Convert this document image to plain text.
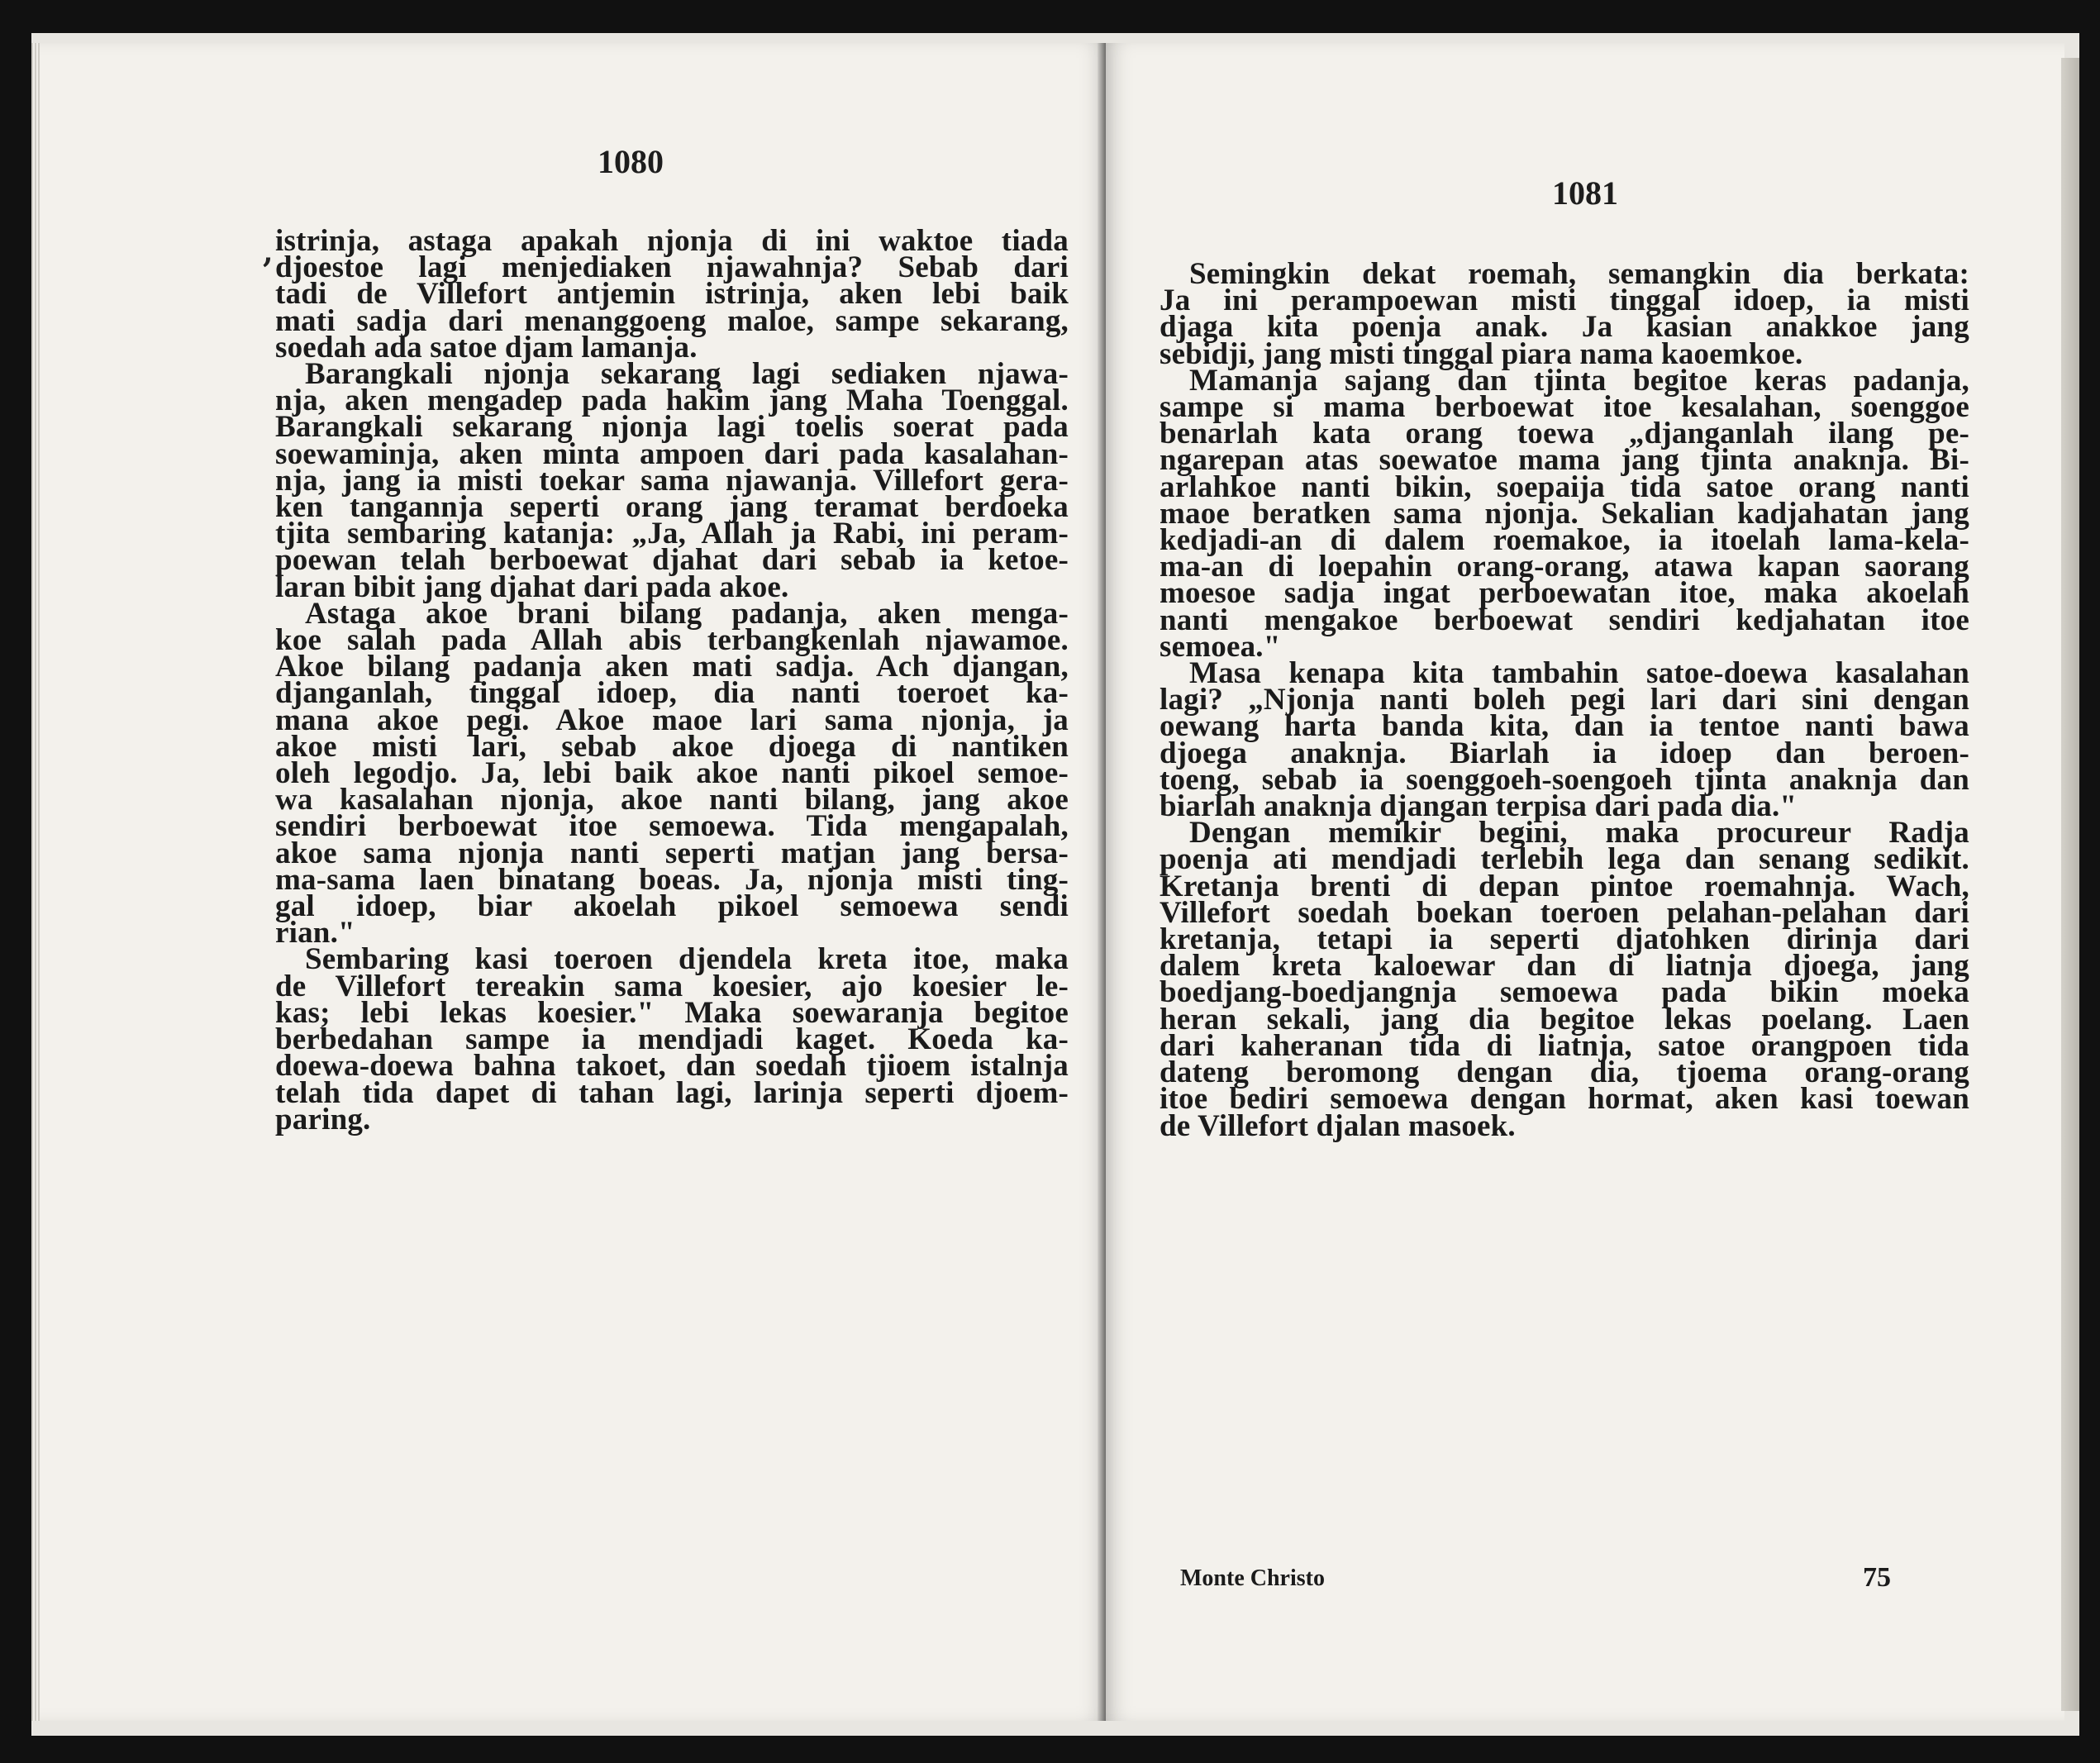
1080
, istrinja, astaga apakah njonja di ini waktoe tiada
djoestoe lagi menjediaken njawahnja? Sebab dari
tadi de Villefort antjemin istrinja, aken lebi baik
mati sadja dari menanggoeng maloe, sampe sekarang,
soedah ada satoe djam lamanja.
Barangkali njonja sekarang lagi sediaken njawa-
nja, aken mengadep pada hakim jang Maha Toenggal.
Barangkali sekarang njonja lagi toelis soerat pada
soewaminja, aken minta ampoen dari pada kasalahan-
nja, jang ia misti toekar sama njawanja. Villefort gera-
ken tangannja seperti orang jang teramat berdoeka
tjita sembaring katanja: „Ja, Allah ja Rabi, ini peram-
poewan telah berboewat djahat dari sebab ia ketoe-
laran bibit jang djahat dari pada akoe.
Astaga akoe brani bilang padanja, aken menga-
koe salah pada Allah abis terbangkenlah njawamoe.
Akoe bilang padanja aken mati sadja. Ach djangan,
djanganlah, tinggal idoep, dia nanti toeroet ka-
mana akoe pegi. Akoe maoe lari sama njonja, ja
akoe misti lari, sebab akoe djoega di nantiken
oleh legodjo. Ja, lebi baik akoe nanti pikoel semoe-
wa kasalahan njonja, akoe nanti bilang, jang akoe
sendiri berboewat itoe semoewa. Tida mengapalah,
akoe sama njonja nanti seperti matjan jang bersa-
ma-sama laen binatang boeas. Ja, njonja misti ting-
gal idoep, biar akoelah pikoel semoewa sendi
rian."
Sembaring kasi toeroen djendela kreta itoe, maka
de Villefort tereakin sama koesier, ajo koesier le-
kas; lebi lekas koesier." Maka soewaranja begitoe
berbedahan sampe ia mendjadi kaget. Koeda ka-
doewa-doewa bahna takoet, dan soedah tjioem istalnja
telah tida dapet di tahan lagi, larinja seperti djoem-
paring.
1081
Semingkin dekat roemah, semangkin dia berkata:
Ja ini perampoewan misti tinggal idoep, ia misti
djaga kita poenja anak. Ja kasian anakkoe jang
sebidji, jang misti tinggal piara nama kaoemkoe.
Mamanja sajang dan tjinta begitoe keras padanja,
sampe si mama berboewat itoe kesalahan, soenggoe
benarlah kata orang toewa „djanganlah ilang pe-
ngarepan atas soewatoe mama jang tjinta anaknja. Bi-
arlahkoe nanti bikin, soepaija tida satoe orang nanti
maoe beratken sama njonja. Sekalian kadjahatan jang
kedjadi-an di dalem roemakoe, ia itoelah lama-kela-
ma-an di loepahin orang-orang, atawa kapan saorang
moesoe sadja ingat perboewatan itoe, maka akoelah
nanti mengakoe berboewat sendiri kedjahatan itoe
semoea."
Masa kenapa kita tambahin satoe-doewa kasalahan
lagi? „Njonja nanti boleh pegi lari dari sini dengan
oewang harta banda kita, dan ia tentoe nanti bawa
djoega anaknja. Biarlah ia idoep dan beroen-
toeng, sebab ia soenggoeh-soengoeh tjinta anaknja dan
biarlah anaknja djangan terpisa dari pada dia."
Dengan memikir begini, maka procureur Radja
poenja ati mendjadi terlebih lega dan senang sedikit.
Kretanja brenti di depan pintoe roemahnja. Wach,
Villefort soedah boekan toeroen pelahan-pelahan dari
kretanja, tetapi ia seperti djatohken dirinja dari
dalem kreta kaloewar dan di liatnja djoega, jang
boedjang-boedjangnja semoewa pada bikin moeka
heran sekali, jang dia begitoe lekas poelang. Laen
dari kaheranan tida di liatnja, satoe orangpoen tida
dateng beromong dengan dia, tjoema orang-orang
itoe bediri semoewa dengan hormat, aken kasi toewan
de Villefort djalan masoek.
Monte Christo	75
